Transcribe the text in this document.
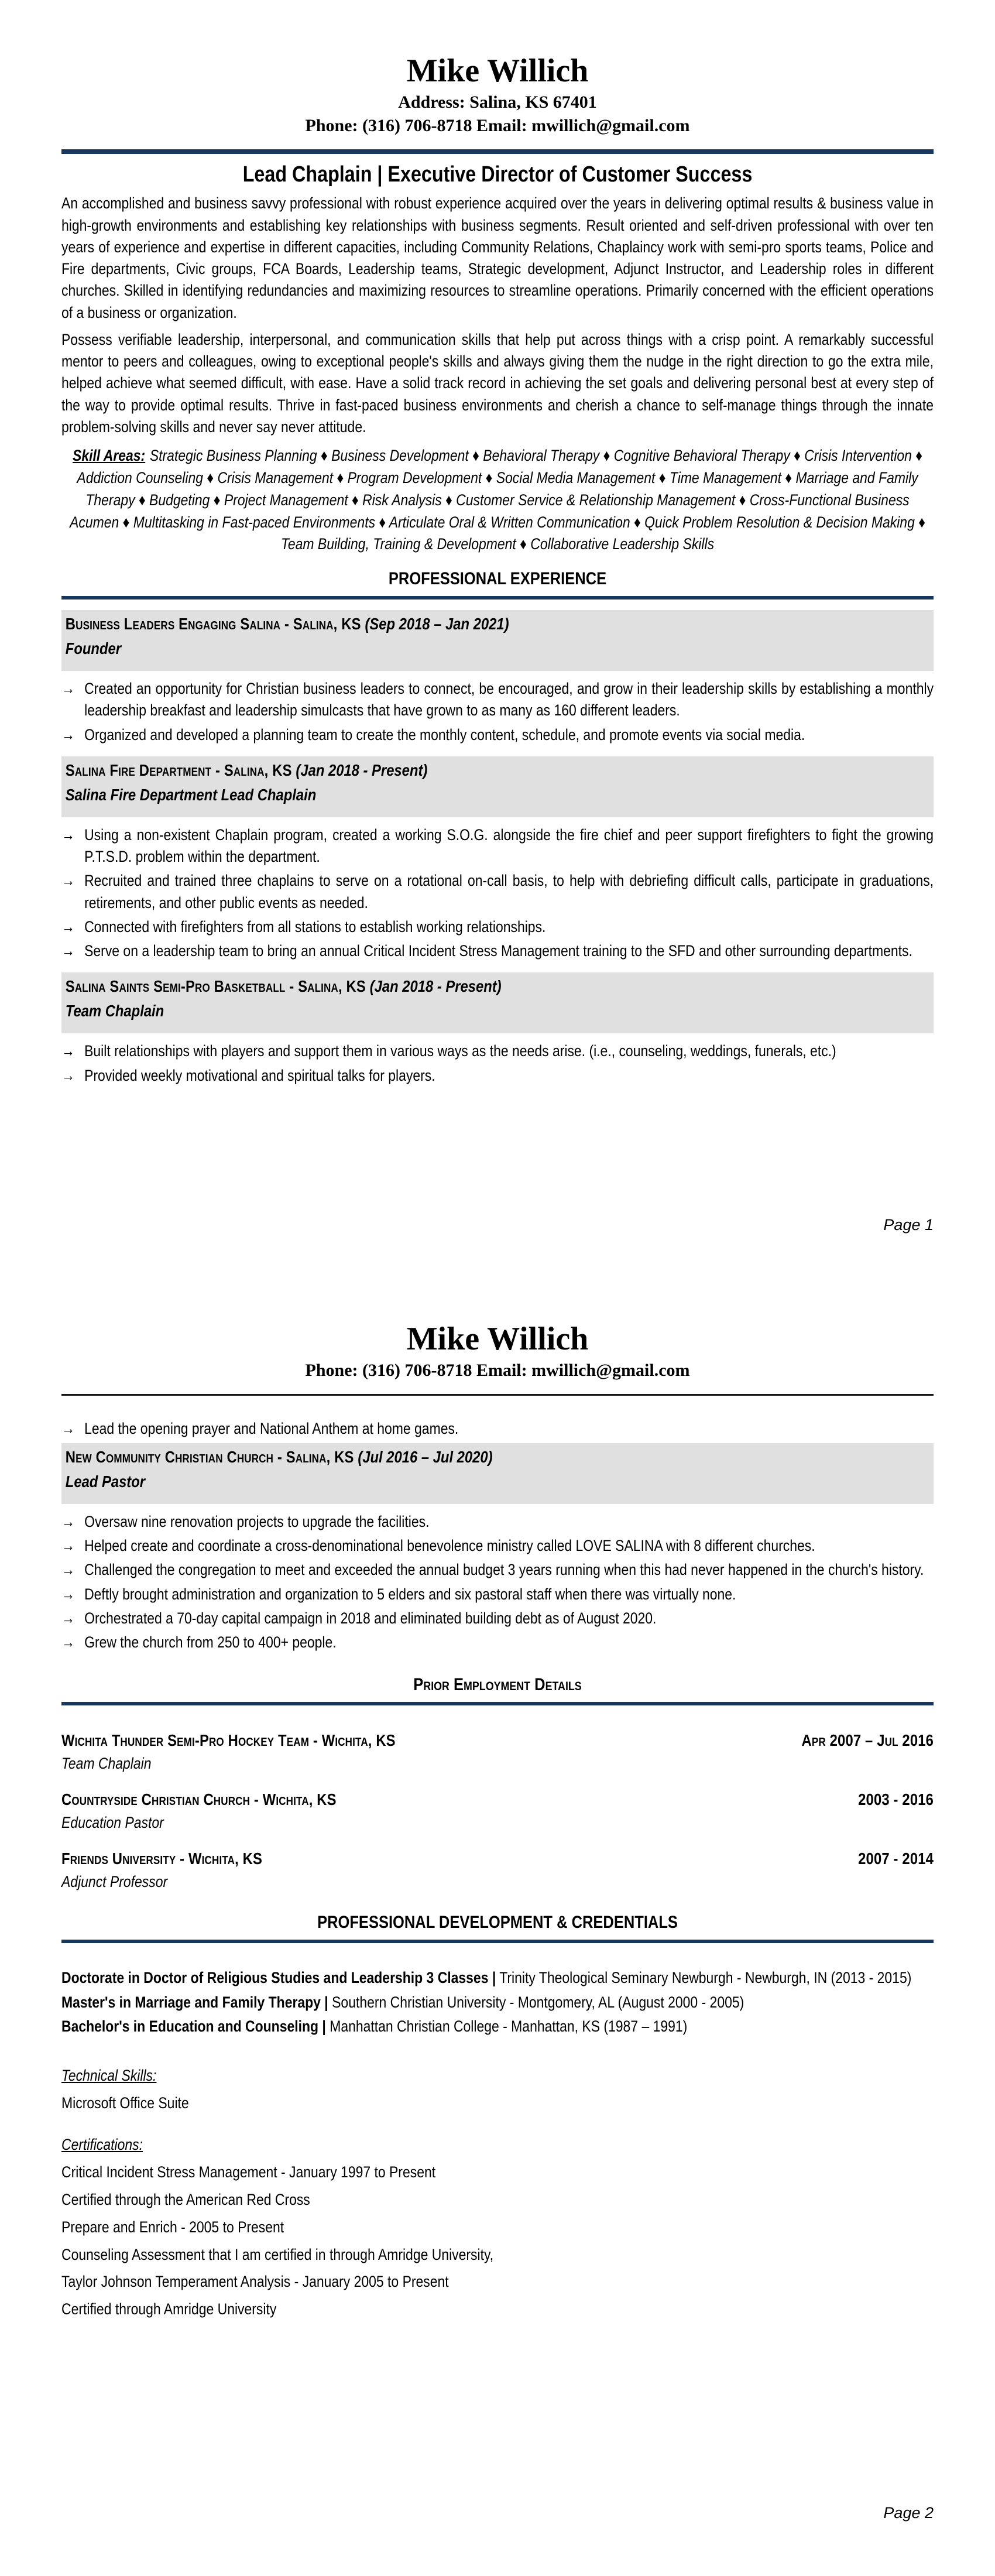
Mike Willich
Address: Salina, KS 67401
Phone: (316) 706-8718 Email: mwillich@gmail.com
Lead Chaplain | Executive Director of Customer Success

An accomplished and business savvy professional with robust experience acquired over the years in delivering optimal results & business value in high-growth environments and establishing key relationships with business segments. Result oriented and self-driven professional with over ten years of experience and expertise in different capacities, including Community Relations, Chaplaincy work with semi-pro sports teams, Police and Fire departments, Civic groups, FCA Boards, Leadership teams, Strategic development, Adjunct Instructor, and Leadership roles in different churches. Skilled in identifying redundancies and maximizing resources to streamline operations. Primarily concerned with the efficient operations of a business or organization.

Possess verifiable leadership, interpersonal, and communication skills that help put across things with a crisp point. A remarkably successful mentor to peers and colleagues, owing to exceptional people's skills and always giving them the nudge in the right direction to go the extra mile, helped achieve what seemed difficult, with ease. Have a solid track record in achieving the set goals and delivering personal best at every step of the way to provide optimal results. Thrive in fast-paced business environments and cherish a chance to self-manage things through the innate problem-solving skills and never say never attitude.

Skill Areas: Strategic Business Planning ♦ Business Development ♦ Behavioral Therapy ♦ Cognitive Behavioral Therapy ♦ Crisis Intervention ♦ Addiction Counseling ♦ Crisis Management ♦ Program Development ♦ Social Media Management ♦ Time Management ♦ Marriage and Family Therapy ♦ Budgeting ♦ Project Management ♦ Risk Analysis ♦ Customer Service & Relationship Management ♦ Cross-Functional Business Acumen ♦ Multitasking in Fast-paced Environments ♦ Articulate Oral & Written Communication ♦ Quick Problem Resolution & Decision Making ♦ Team Building, Training & Development ♦ Collaborative Leadership Skills
PROFESSIONAL EXPERIENCE
Business Leaders Engaging Salina - Salina, KS (Sep 2018 – Jan 2021)
Founder
→ Created an opportunity for Christian business leaders to connect, be encouraged, and grow in their leadership skills by establishing a monthly leadership breakfast and leadership simulcasts that have grown to as many as 160 different leaders.
→ Organized and developed a planning team to create the monthly content, schedule, and promote events via social media.
Salina Fire Department - Salina, KS (Jan 2018 - Present)
Salina Fire Department Lead Chaplain
→ Using a non-existent Chaplain program, created a working S.O.G. alongside the fire chief and peer support firefighters to fight the growing P.T.S.D. problem within the department.
→ Recruited and trained three chaplains to serve on a rotational on-call basis, to help with debriefing difficult calls, participate in graduations, retirements, and other public events as needed.
→ Connected with firefighters from all stations to establish working relationships.
→ Serve on a leadership team to bring an annual Critical Incident Stress Management training to the SFD and other surrounding departments.
Salina Saints Semi-Pro Basketball - Salina, KS (Jan 2018 - Present)
Team Chaplain
→ Built relationships with players and support them in various ways as the needs arise. (i.e., counseling, weddings, funerals, etc.)
→ Provided weekly motivational and spiritual talks for players.
Page 1
Mike Willich
Phone: (316) 706-8718 Email: mwillich@gmail.com
→ Lead the opening prayer and National Anthem at home games.
New Community Christian Church - Salina, KS (Jul 2016 – Jul 2020)
Lead Pastor
→ Oversaw nine renovation projects to upgrade the facilities.
→ Helped create and coordinate a cross-denominational benevolence ministry called LOVE SALINA with 8 different churches.
→ Challenged the congregation to meet and exceeded the annual budget 3 years running when this had never happened in the church's history.
→ Deftly brought administration and organization to 5 elders and six pastoral staff when there was virtually none.
→ Orchestrated a 70-day capital campaign in 2018 and eliminated building debt as of August 2020.
→ Grew the church from 250 to 400+ people.
Prior Employment Details
Wichita Thunder Semi-Pro Hockey Team - Wichita, KS	Apr 2007 – Jul 2016
Team Chaplain
Countryside Christian Church - Wichita, KS	2003 - 2016
Education Pastor
Friends University - Wichita, KS	2007 - 2014
Adjunct Professor
PROFESSIONAL DEVELOPMENT & CREDENTIALS
Doctorate in Doctor of Religious Studies and Leadership 3 Classes | Trinity Theological Seminary Newburgh - Newburgh, IN (2013 - 2015)
Master's in Marriage and Family Therapy | Southern Christian University - Montgomery, AL (August 2000 - 2005)
Bachelor's in Education and Counseling | Manhattan Christian College - Manhattan, KS (1987 – 1991)
Technical Skills:
Microsoft Office Suite
Certifications:
Critical Incident Stress Management - January 1997 to Present
Certified through the American Red Cross
Prepare and Enrich - 2005 to Present
Counseling Assessment that I am certified in through Amridge University,
Taylor Johnson Temperament Analysis - January 2005 to Present
Certified through Amridge University
Page 2
